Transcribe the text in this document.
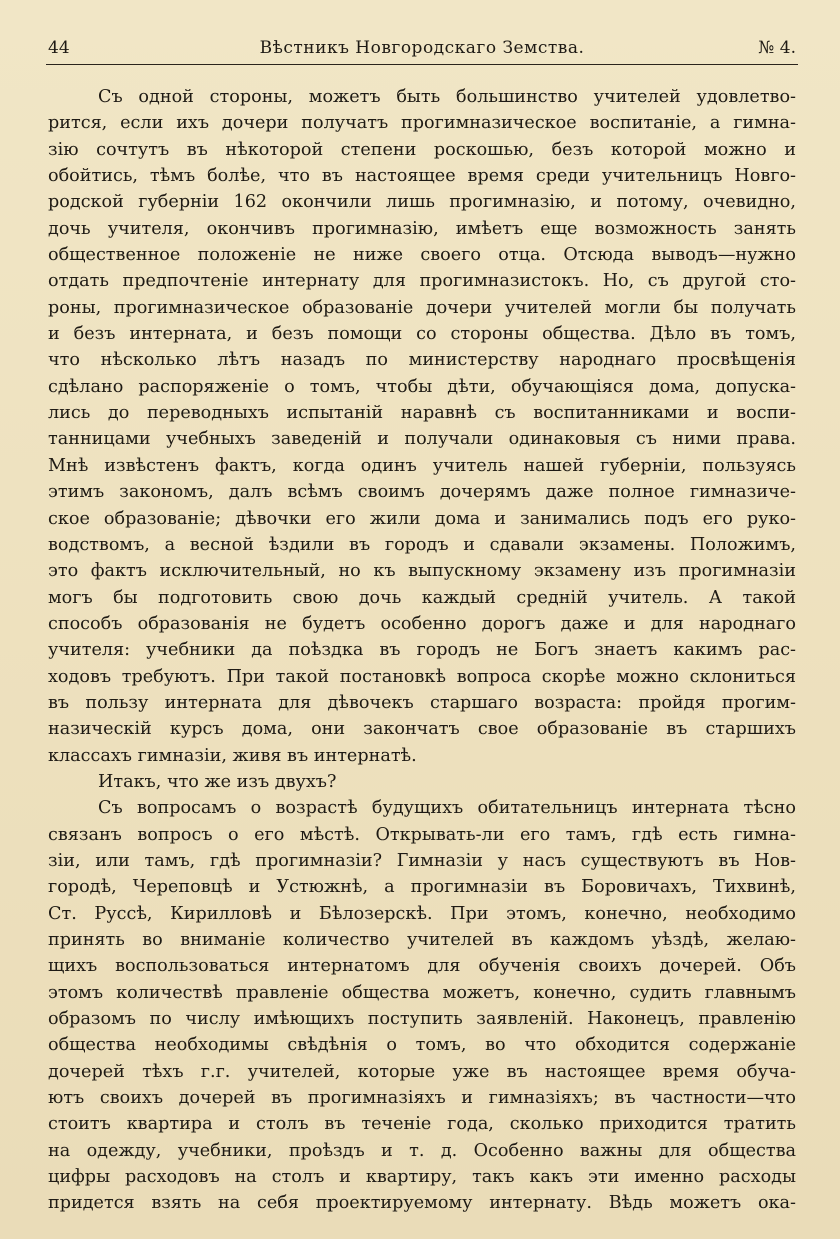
44	Вѣстникъ Новгородскаго Земства.	№ 4.
Съ одной стороны, можетъ быть большинство учителей удовлетво-
рится, если ихъ дочери получатъ прогимназическое воспитаніе, а гимна-
зію сочтутъ въ нѣкоторой степени роскошью, безъ которой можно и
обойтись, тѣмъ болѣе, что въ настоящее время среди учительницъ Новго-
родской губерніи 162 окончили лишь прогимназію, и потому, очевидно,
дочь учителя, окончивъ прогимназію, имѣетъ еще возможность занять
общественное положеніе не ниже своего отца. Отсюда выводъ—нужно
отдать предпочтеніе интернату для прогимназистокъ. Но, съ другой сто-
роны, прогимназическое образованіе дочери учителей могли бы получать
и безъ интерната, и безъ помощи со стороны общества. Дѣло въ томъ,
что нѣсколько лѣтъ назадъ по министерству народнаго просвѣщенія
сдѣлано распоряженіе о томъ, чтобы дѣти, обучающіяся дома, допуска-
лись до переводныхъ испытаній наравнѣ съ воспитанниками и воспи-
танницами учебныхъ заведеній и получали одинаковыя съ ними права.
Мнѣ извѣстенъ фактъ, когда одинъ учитель нашей губерніи, пользуясь
этимъ закономъ, далъ всѣмъ своимъ дочерямъ даже полное гимназиче-
ское образованіе; дѣвочки его жили дома и занимались подъ его руко-
водствомъ, а весной ѣздили въ городъ и сдавали экзамены. Положимъ,
это фактъ исключительный, но къ выпускному экзамену изъ прогимназіи
могъ бы подготовить свою дочь каждый средній учитель. А такой
способъ образованія не будетъ особенно дорогъ даже и для народнаго
учителя: учебники да поѣздка въ городъ не Богъ знаетъ какимъ рас-
ходовъ требуютъ. При такой постановкѣ вопроса скорѣе можно склониться
въ пользу интерната для дѣвочекъ старшаго возраста: пройдя прогим-
назическій курсъ дома, они закончатъ свое образованіе въ старшихъ
классахъ гимназіи, живя въ интернатѣ.
Итакъ, что же изъ двухъ?
Съ вопросамъ о возрастѣ будущихъ обитательницъ интерната тѣсно
связанъ вопросъ о его мѣстѣ. Открывать-ли его тамъ, гдѣ есть гимна-
зіи, или тамъ, гдѣ прогимназіи? Гимназіи у насъ существуютъ въ Нов-
городѣ, Череповцѣ и Устюжнѣ, а прогимназіи въ Боровичахъ, Тихвинѣ,
Ст. Руссѣ, Кирилловѣ и Бѣлозерскѣ. При этомъ, конечно, необходимо
принять во вниманіе количество учителей въ каждомъ уѣздѣ, желаю-
щихъ воспользоваться интернатомъ для обученія своихъ дочерей. Объ
этомъ количествѣ правленіе общества можетъ, конечно, судить главнымъ
образомъ по числу имѣющихъ поступить заявленій. Наконецъ, правленію
общества необходимы свѣдѣнія о томъ, во что обходится содержаніе
дочерей тѣхъ г.г. учителей, которые уже въ настоящее время обуча-
ютъ своихъ дочерей въ прогимназіяхъ и гимназіяхъ; въ частности—что
стоитъ квартира и столъ въ теченіе года, сколько приходится тратить
на одежду, учебники, проѣздъ и т. д. Особенно важны для общества
цифры расходовъ на столъ и квартиру, такъ какъ эти именно расходы
придется взять на себя проектируемому интернату. Вѣдь можетъ ока-
